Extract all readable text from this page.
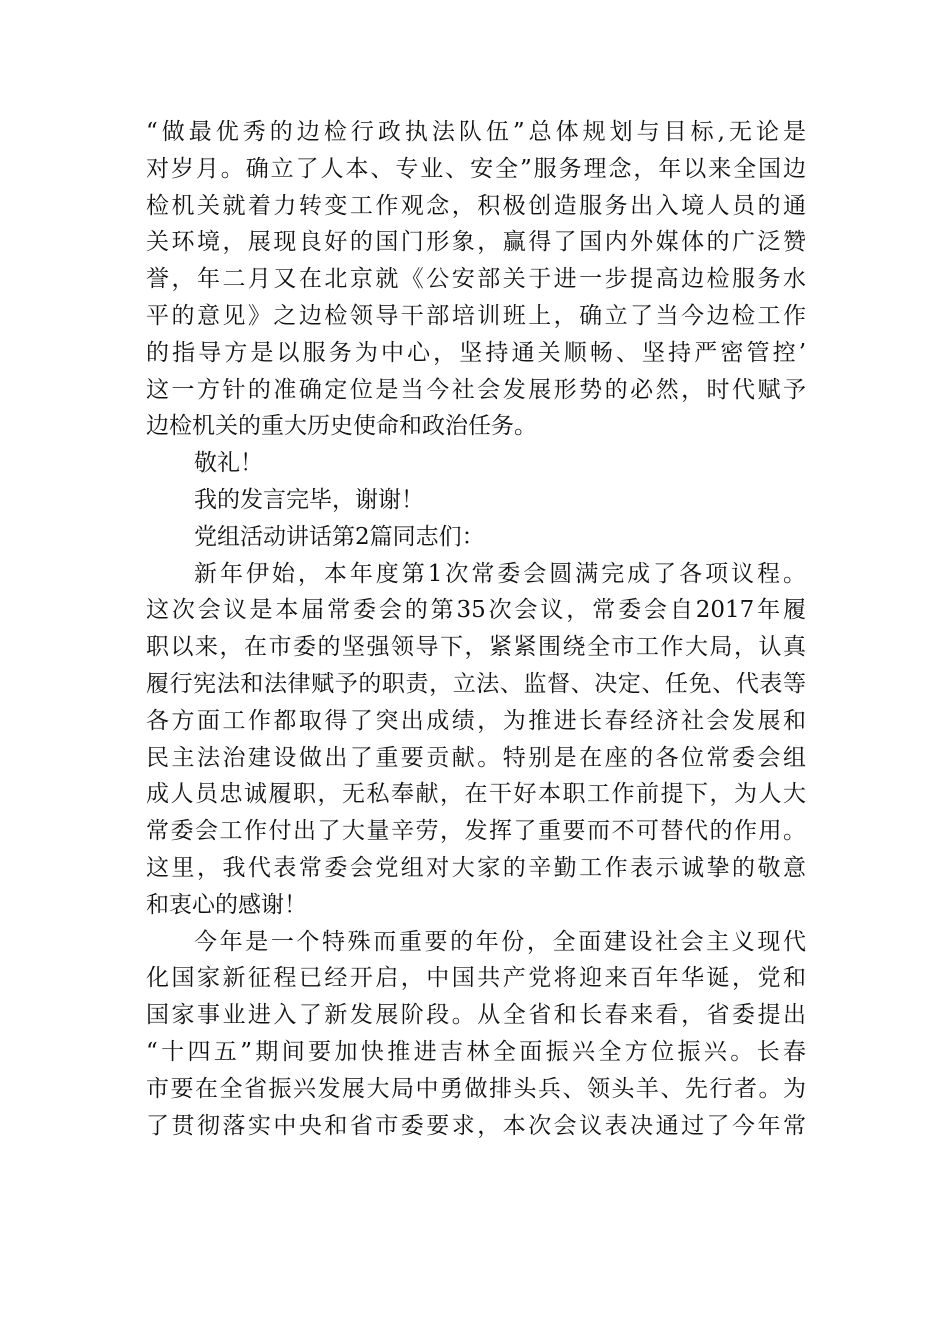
“做最优秀的边检行政执法队伍”总体规划与目标,无论是
对岁月。确立了人本、专业、安全”服务理念，年以来全国边
检机关就着力转变工作观念，积极创造服务出入境人员的通
关环境，展现良好的国门形象，赢得了国内外媒体的广泛赞
誉，年二月又在北京就《公安部关于进一步提高边检服务水
平的意见》之边检领导干部培训班上，确立了当今边检工作
的指导方是以服务为中心，坚持通关顺畅、坚持严密管控’
这一方针的准确定位是当今社会发展形势的必然，时代赋予
边检机关的重大历史使命和政治任务。
敬礼！
我的发言完毕，谢谢！
党组活动讲话第2篇同志们：
新年伊始，本年度第1次常委会圆满完成了各项议程。
这次会议是本届常委会的第35次会议，常委会自2017年履
职以来，在市委的坚强领导下，紧紧围绕全市工作大局，认真
履行宪法和法律赋予的职责，立法、监督、决定、任免、代表等
各方面工作都取得了突出成绩，为推进长春经济社会发展和
民主法治建设做出了重要贡献。特别是在座的各位常委会组
成人员忠诚履职，无私奉献，在干好本职工作前提下，为人大
常委会工作付出了大量辛劳，发挥了重要而不可替代的作用。
这里，我代表常委会党组对大家的辛勤工作表示诚挚的敬意
和衷心的感谢！
今年是一个特殊而重要的年份，全面建设社会主义现代
化国家新征程已经开启，中国共产党将迎来百年华诞，党和
国家事业进入了新发展阶段。从全省和长春来看，省委提出
“十四五”期间要加快推进吉林全面振兴全方位振兴。长春
市要在全省振兴发展大局中勇做排头兵、领头羊、先行者。为
了贯彻落实中央和省市委要求，本次会议表决通过了今年常
